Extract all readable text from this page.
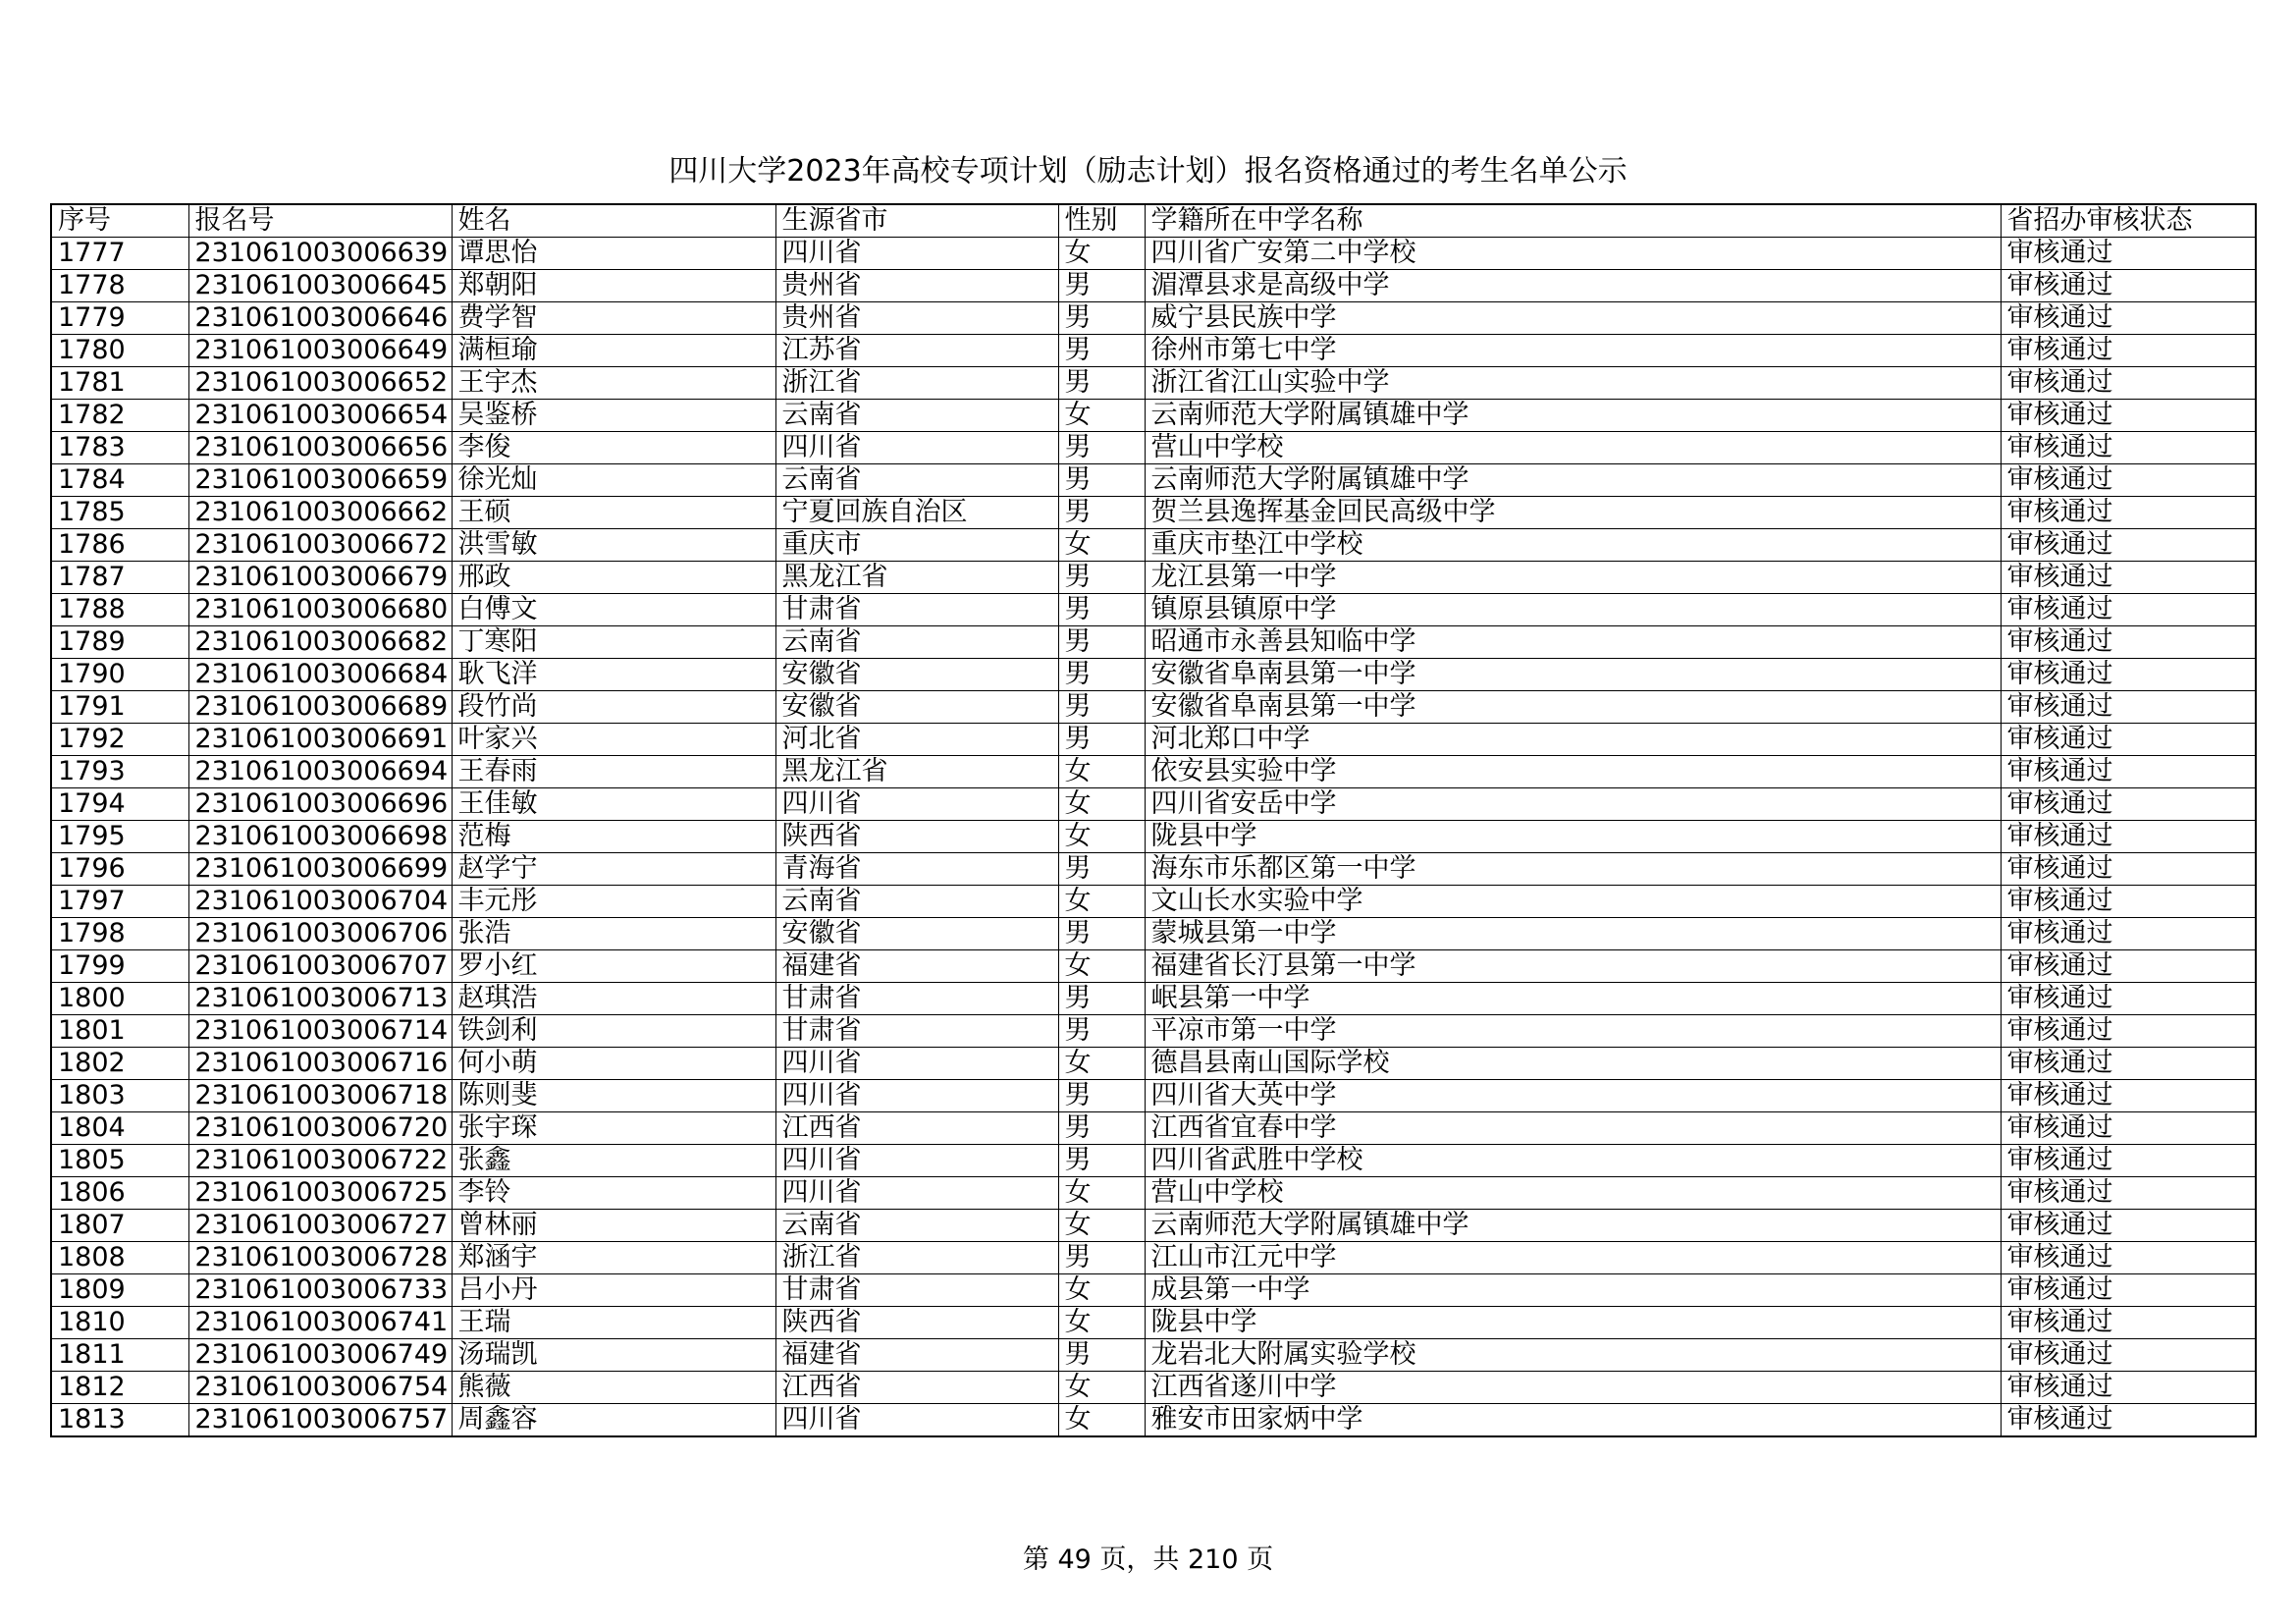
四川大学2023年高校专项计划（励志计划）报名资格通过的考生名单公示
序号	报名号	姓名	生源省市	性别	学籍所在中学名称	省招办审核状态
1777	231061003006639	谭思怡	四川省	女	四川省广安第二中学校	审核通过
1778	231061003006645	郑朝阳	贵州省	男	湄潭县求是高级中学	审核通过
1779	231061003006646	费学智	贵州省	男	威宁县民族中学	审核通过
1780	231061003006649	满桓瑜	江苏省	男	徐州市第七中学	审核通过
1781	231061003006652	王宇杰	浙江省	男	浙江省江山实验中学	审核通过
1782	231061003006654	吴鉴桥	云南省	女	云南师范大学附属镇雄中学	审核通过
1783	231061003006656	李俊	四川省	男	营山中学校	审核通过
1784	231061003006659	徐光灿	云南省	男	云南师范大学附属镇雄中学	审核通过
1785	231061003006662	王硕	宁夏回族自治区	男	贺兰县逸挥基金回民高级中学	审核通过
1786	231061003006672	洪雪敏	重庆市	女	重庆市垫江中学校	审核通过
1787	231061003006679	邢政	黑龙江省	男	龙江县第一中学	审核通过
1788	231061003006680	白傅文	甘肃省	男	镇原县镇原中学	审核通过
1789	231061003006682	丁寒阳	云南省	男	昭通市永善县知临中学	审核通过
1790	231061003006684	耿飞洋	安徽省	男	安徽省阜南县第一中学	审核通过
1791	231061003006689	段竹尚	安徽省	男	安徽省阜南县第一中学	审核通过
1792	231061003006691	叶家兴	河北省	男	河北郑口中学	审核通过
1793	231061003006694	王春雨	黑龙江省	女	依安县实验中学	审核通过
1794	231061003006696	王佳敏	四川省	女	四川省安岳中学	审核通过
1795	231061003006698	范梅	陕西省	女	陇县中学	审核通过
1796	231061003006699	赵学宁	青海省	男	海东市乐都区第一中学	审核通过
1797	231061003006704	丰元彤	云南省	女	文山长水实验中学	审核通过
1798	231061003006706	张浩	安徽省	男	蒙城县第一中学	审核通过
1799	231061003006707	罗小红	福建省	女	福建省长汀县第一中学	审核通过
1800	231061003006713	赵琪浩	甘肃省	男	岷县第一中学	审核通过
1801	231061003006714	铁剑利	甘肃省	男	平凉市第一中学	审核通过
1802	231061003006716	何小萌	四川省	女	德昌县南山国际学校	审核通过
1803	231061003006718	陈则斐	四川省	男	四川省大英中学	审核通过
1804	231061003006720	张宇琛	江西省	男	江西省宜春中学	审核通过
1805	231061003006722	张鑫	四川省	男	四川省武胜中学校	审核通过
1806	231061003006725	李铃	四川省	女	营山中学校	审核通过
1807	231061003006727	曾林丽	云南省	女	云南师范大学附属镇雄中学	审核通过
1808	231061003006728	郑涵宇	浙江省	男	江山市江元中学	审核通过
1809	231061003006733	吕小丹	甘肃省	女	成县第一中学	审核通过
1810	231061003006741	王瑞	陕西省	女	陇县中学	审核通过
1811	231061003006749	汤瑞凯	福建省	男	龙岩北大附属实验学校	审核通过
1812	231061003006754	熊薇	江西省	女	江西省遂川中学	审核通过
1813	231061003006757	周鑫容	四川省	女	雅安市田家炳中学	审核通过
第 49 页，共 210 页
